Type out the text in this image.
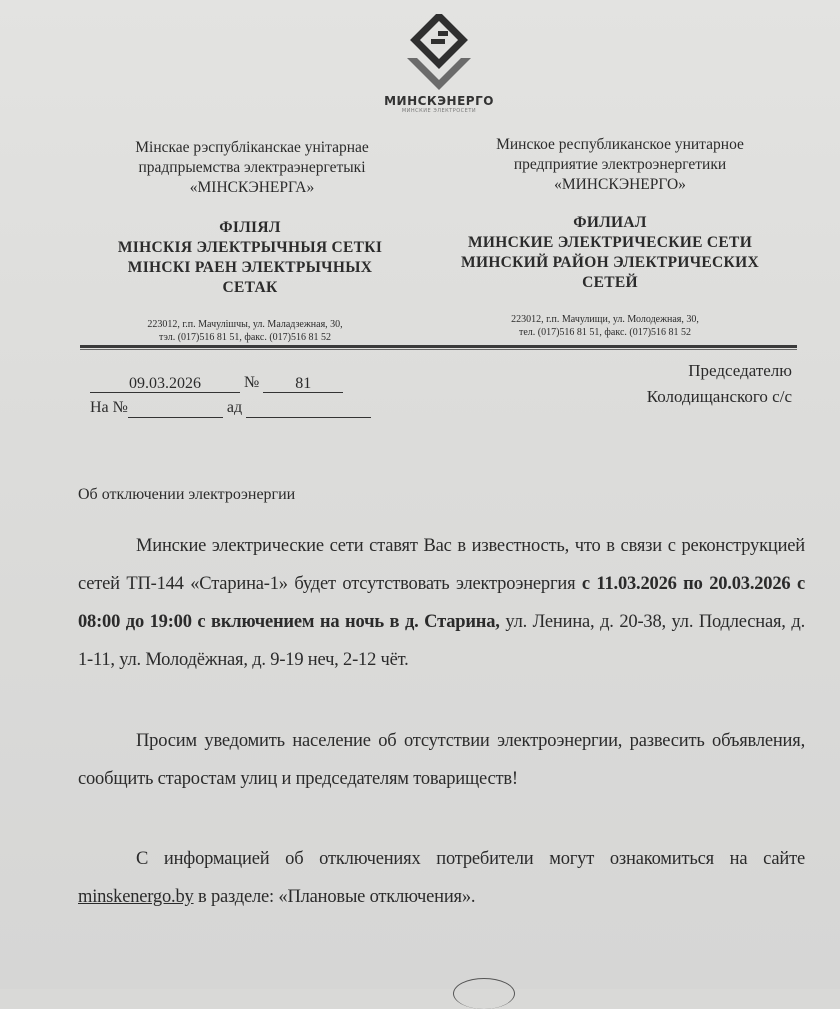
МИНСКЭНЕРГО
МИНСКИЕ ЭЛЕКТРОСЕТИ
Мінскае рэспубліканскае унітарнае
прадпрыемства электраэнергетыкі
«МІНСКЭНЕРГА»
Минское республиканское унитарное
предприятие электроэнергетики
«МИНСКЭНЕРГО»
ФІЛІЯЛ
МІНСКІЯ ЭЛЕКТРЫЧНЫЯ СЕТКІ
МІНСКІ РАЕН ЭЛЕКТРЫЧНЫХ
СЕТАК
ФИЛИАЛ
МИНСКИЕ ЭЛЕКТРИЧЕСКИЕ СЕТИ
МИНСКИЙ РАЙОН ЭЛЕКТРИЧЕСКИХ
СЕТЕЙ
223012, г.п. Мачулішчы, ул. Маладзежная, 30,
тэл. (017)516 81 51, факс. (017)516 81 52
223012, г.п. Мачулищи, ул. Молодежная, 30,
тел. (017)516 81 51, факс. (017)516 81 52
09.03.2026	№ 81
На №	ад
Председателю
Колодищанского с/с
Об отключении электроэнергии
Минские электрические сети ставят Вас в известность, что в связи с реконструкцией сетей ТП-144 «Старина-1» будет отсутствовать электроэнергия с 11.03.2026 по 20.03.2026 с 08:00 до 19:00 с включением на ночь в д. Старина, ул. Ленина, д. 20-38, ул. Подлесная, д. 1-11, ул. Молодёжная, д. 9-19 неч, 2-12 чёт.
Просим уведомить население об отсутствии электроэнергии, развесить объявления, сообщить старостам улиц и председателям товариществ!
С информацией об отключениях потребители могут ознакомиться на сайте minskenergo.by в разделе: «Плановые отключения».
